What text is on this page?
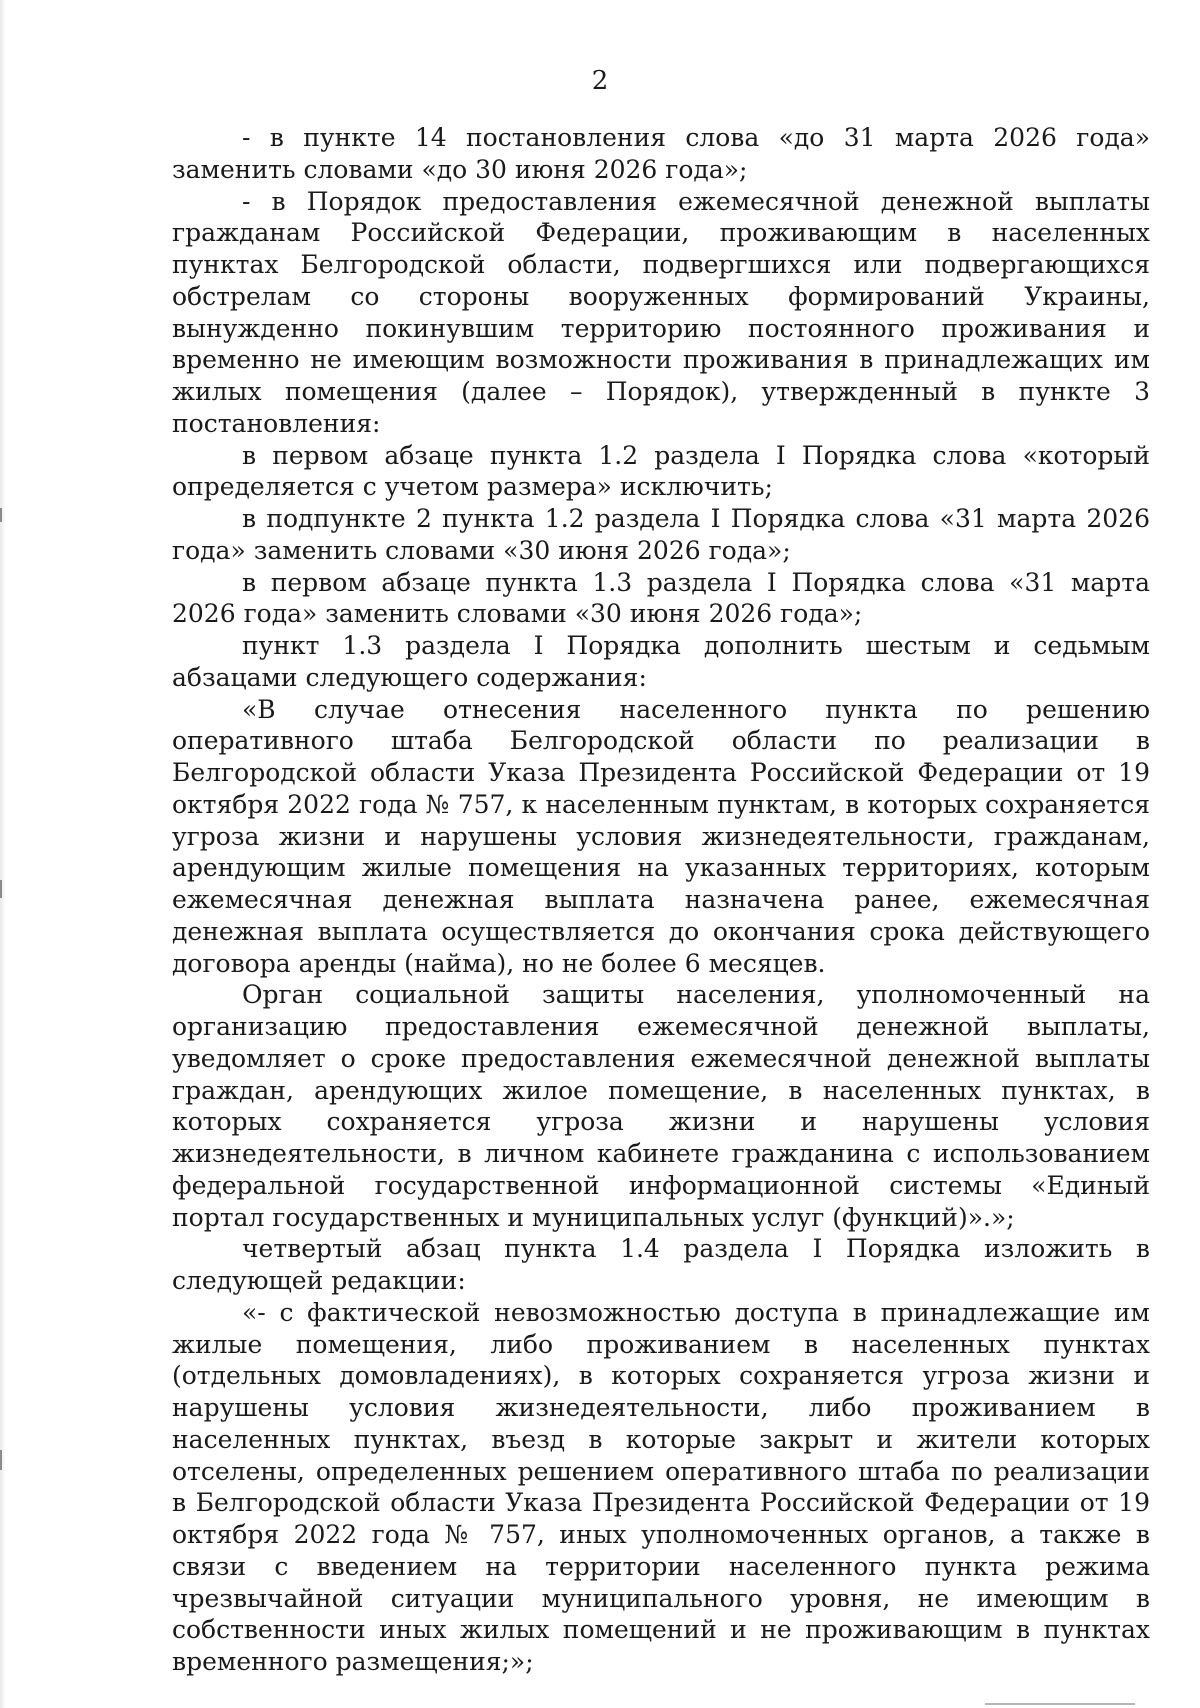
2

- в пункте 14 постановления слова «до 31 марта 2026 года» заменить словами «до 30 июня 2026 года»;

- в Порядок предоставления ежемесячной денежной выплаты гражданам Российской Федерации, проживающим в населенных пунктах Белгородской области, подвергшихся или подвергающихся обстрелам со стороны вооруженных формирований Украины, вынужденно покинувшим территорию постоянного проживания и временно не имеющим возможности проживания в принадлежащих им жилых помещения (далее – Порядок), утвержденный в пункте 3 постановления:

в первом абзаце пункта 1.2 раздела I Порядка слова «который определяется с учетом размера» исключить;

в подпункте 2 пункта 1.2 раздела I Порядка слова «31 марта 2026 года» заменить словами «30 июня 2026 года»;

в первом абзаце пункта 1.3 раздела I Порядка слова «31 марта 2026 года» заменить словами «30 июня 2026 года»;

пункт 1.3 раздела I Порядка дополнить шестым и седьмым абзацами следующего содержания:

«В случае отнесения населенного пункта по решению оперативного штаба Белгородской области по реализации в Белгородской области Указа Президента Российской Федерации от 19 октября 2022 года № 757, к населенным пунктам, в которых сохраняется угроза жизни и нарушены условия жизнедеятельности, гражданам, арендующим жилые помещения на указанных территориях, которым ежемесячная денежная выплата назначена ранее, ежемесячная денежная выплата осуществляется до окончания срока действующего договора аренды (найма), но не более 6 месяцев.

Орган социальной защиты населения, уполномоченный на организацию предоставления ежемесячной денежной выплаты, уведомляет о сроке предоставления ежемесячной денежной выплаты граждан, арендующих жилое помещение, в населенных пунктах, в которых сохраняется угроза жизни и нарушены условия жизнедеятельности, в личном кабинете гражданина с использованием федеральной государственной информационной системы «Единый портал государственных и муниципальных услуг (функций)».»;

четвертый абзац пункта 1.4 раздела I Порядка изложить в следующей редакции:

«- с фактической невозможностью доступа в принадлежащие им жилые помещения, либо проживанием в населенных пунктах (отдельных домовладениях), в которых сохраняется угроза жизни и нарушены условия жизнедеятельности, либо проживанием в населенных пунктах, въезд в которые закрыт и жители которых отселены, определенных решением оперативного штаба по реализации в Белгородской области Указа Президента Российской Федерации от 19 октября 2022 года № 757, иных уполномоченных органов, а также в связи с введением на территории населенного пункта режима чрезвычайной ситуации муниципального уровня, не имеющим в собственности иных жилых помещений и не проживающим в пунктах временного размещения;»;
